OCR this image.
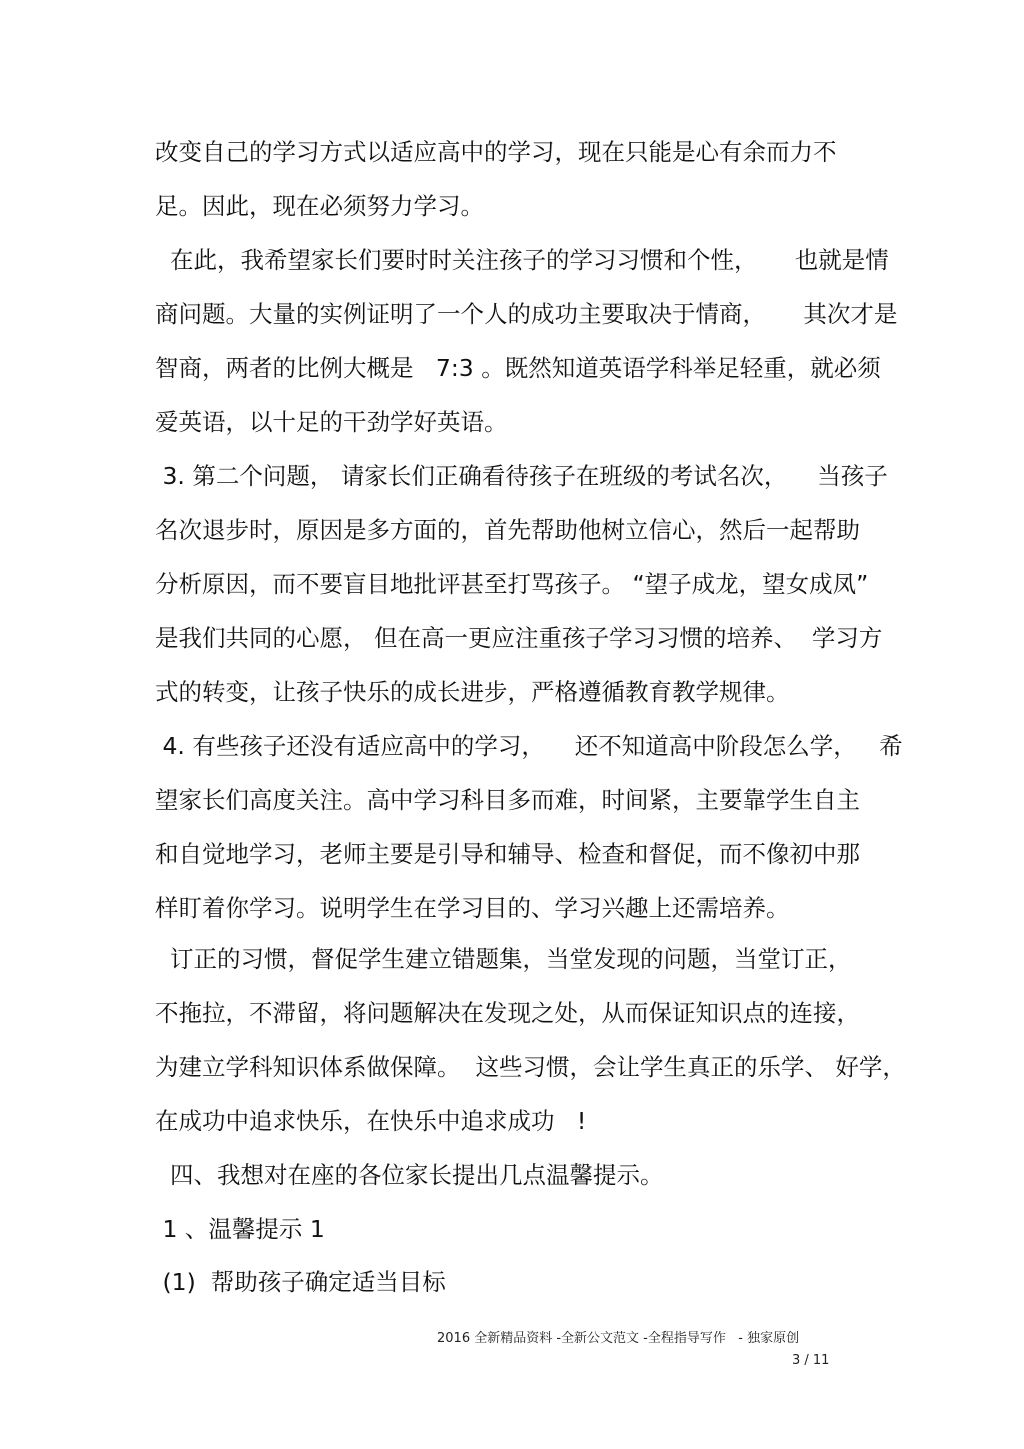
改变自己的学习方式以适应高中的学习，现在只能是心有余而力不
足。因此，现在必须努力学习。
在此，我希望家长们要时时关注孩子的学习习惯和个性，     也就是情
商问题。大量的实例证明了一个人的成功主要取决于情商，     其次才是
智商，两者的比例大概是   7:3 。既然知道英语学科举足轻重，就必须
爱英语，以十足的干劲学好英语。
3. 第二个问题， 请家长们正确看待孩子在班级的考试名次，    当孩子
名次退步时，原因是多方面的，首先帮助他树立信心，然后一起帮助
分析原因，而不要盲目地批评甚至打骂孩子。 “望子成龙，望女成凤”
是我们共同的心愿， 但在高一更应注重孩子学习习惯的培养、  学习方
式的转变，让孩子快乐的成长进步，严格遵循教育教学规律。
4. 有些孩子还没有适应高中的学习，    还不知道高中阶段怎么学，   希
望家长们高度关注。高中学习科目多而难，时间紧，主要靠学生自主
和自觉地学习，老师主要是引导和辅导、检查和督促，而不像初中那
样盯着你学习。说明学生在学习目的、学习兴趣上还需培养。
订正的习惯，督促学生建立错题集，当堂发现的问题，当堂订正，
不拖拉，不滞留，将问题解决在发现之处，从而保证知识点的连接，
为建立学科知识体系做保障。  这些习惯，会让学生真正的乐学、 好学，
在成功中追求快乐，在快乐中追求成功   !
四、我想对在座的各位家长提出几点温馨提示。
1 、温馨提示 1
(1)  帮助孩子确定适当目标
2016 全新精品资料 -全新公文范文 -全程指导写作   - 独家原创
3 / 11
